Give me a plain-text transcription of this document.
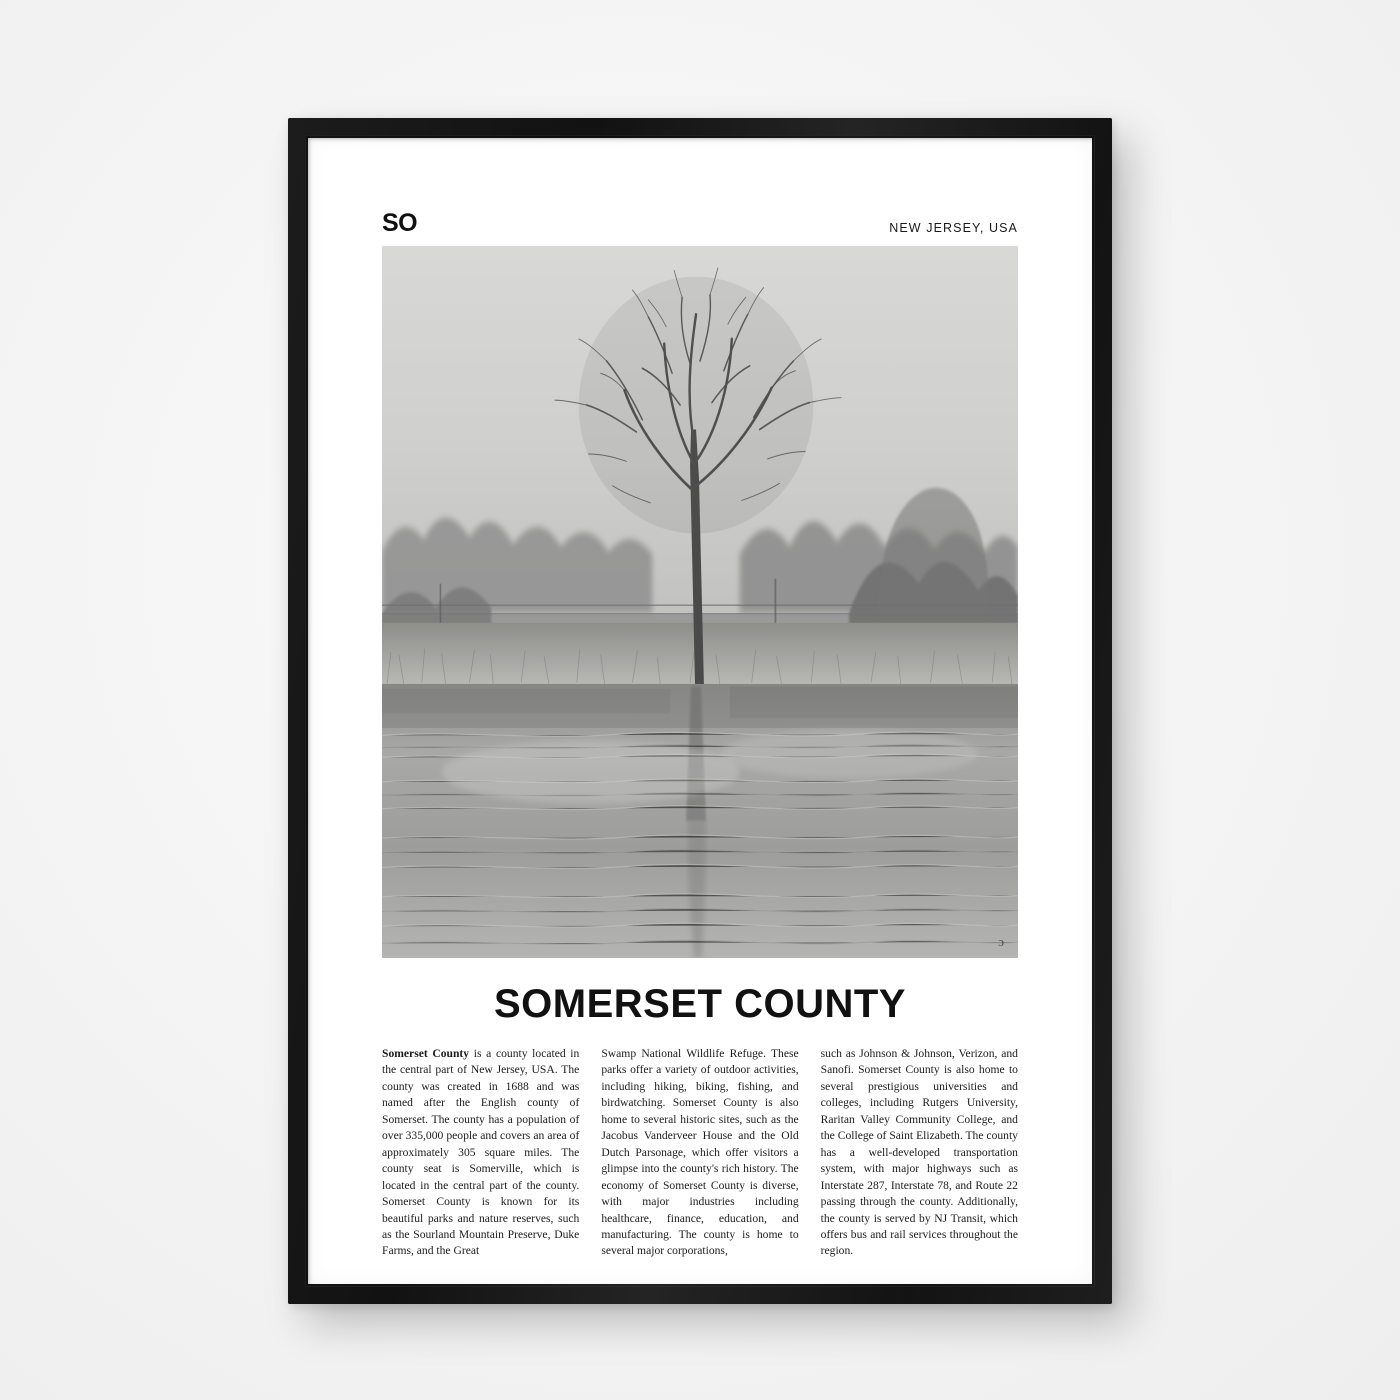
SO	NEW JERSEY, USA
ɔ
SOMERSET COUNTY

Somerset County is a county located in the central part of New Jersey, USA. The county was created in 1688 and was named after the English county of Somerset. The county has a population of over 335,000 people and covers an area of approximately 305 square miles. The county seat is Somerville, which is located in the central part of the county. Somerset County is known for its beautiful parks and nature reserves, such as the Sourland Mountain Preserve, Duke Farms, and the Great

Swamp National Wildlife Refuge. These parks offer a variety of outdoor activities, including hiking, biking, fishing, and birdwatching. Somerset County is also home to several historic sites, such as the Jacobus Vanderveer House and the Old Dutch Parsonage, which offer visitors a glimpse into the county's rich history. The economy of Somerset County is diverse, with major industries including healthcare, finance, education, and manufacturing. The county is home to several major corporations,

such as Johnson & Johnson, Verizon, and Sanofi. Somerset County is also home to several prestigious universities and colleges, including Rutgers University, Raritan Valley Community College, and the College of Saint Elizabeth. The county has a well-developed transportation system, with major highways such as Interstate 287, Interstate 78, and Route 22 passing through the county. Additionally, the county is served by NJ Transit, which offers bus and rail services throughout the region.
